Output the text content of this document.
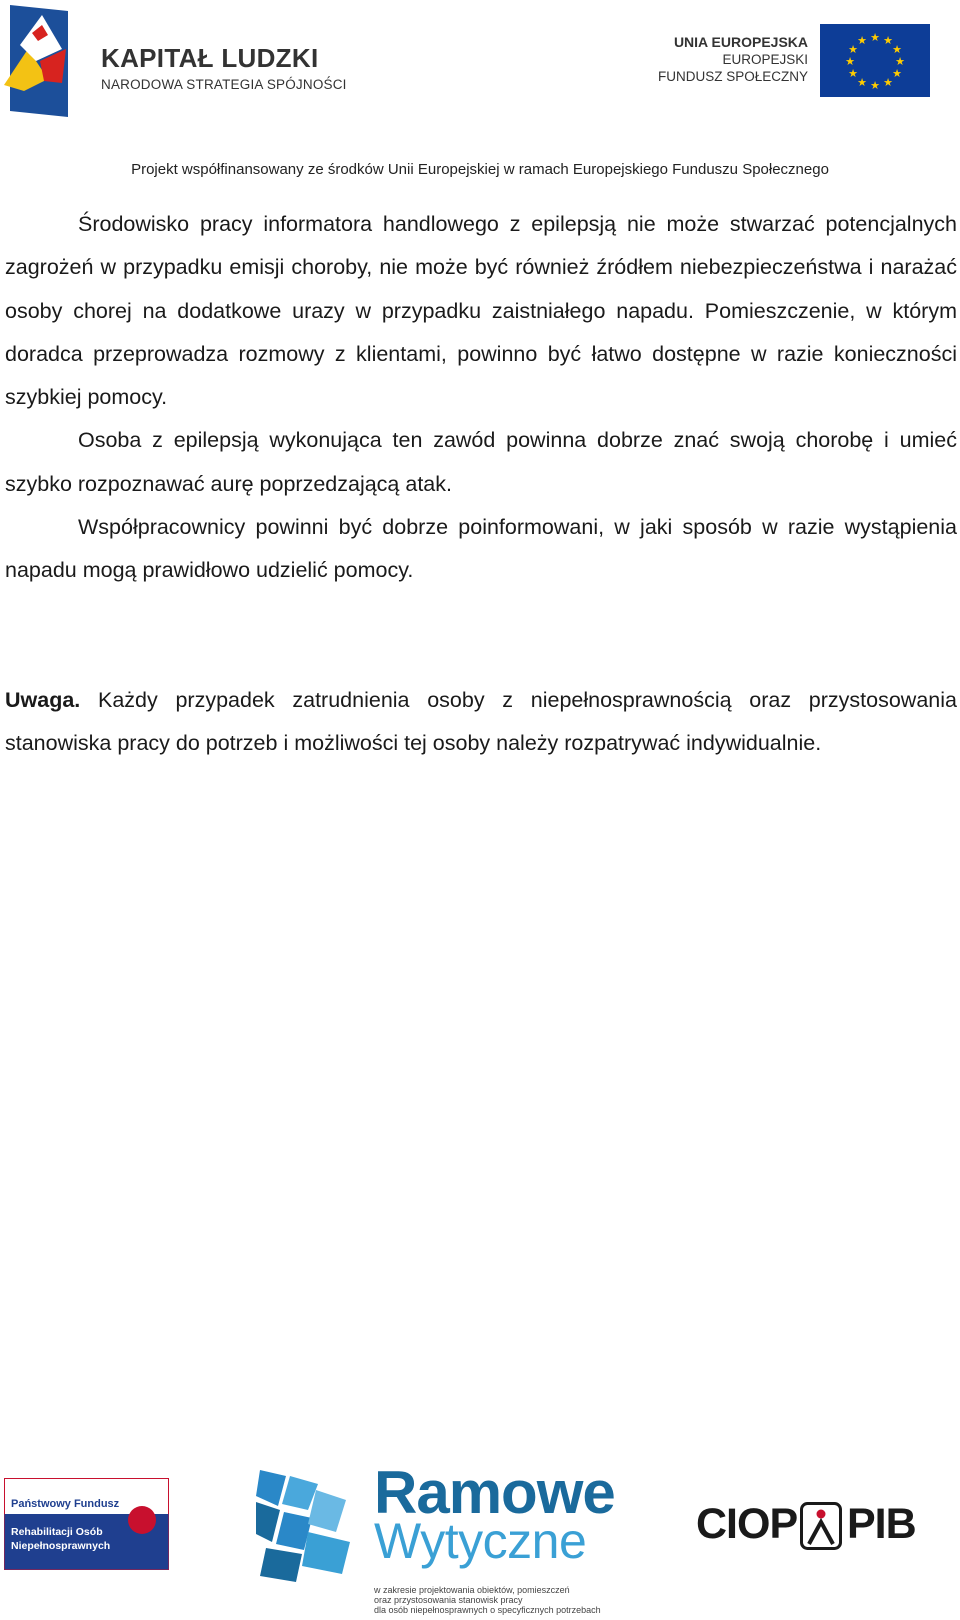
KAPITAŁ LUDZKI
NARODOWA STRATEGIA SPÓJNOŚCI
UNIA EUROPEJSKA
EUROPEJSKI
FUNDUSZ SPOŁECZNY
★ ★
★
★
★
★
★
★
★
★
★
★
Projekt współfinansowany ze środków Unii Europejskiej w ramach Europejskiego Funduszu Społecznego

Środowisko pracy informatora handlowego z epilepsją nie może stwarzać potencjalnych zagrożeń w przypadku emisji choroby, nie może być również źródłem niebezpieczeństwa i narażać osoby chorej na dodatkowe urazy w przypadku zaistniałego napadu. Pomieszczenie, w którym doradca przeprowadza rozmowy z klientami, powinno być łatwo dostępne w razie konieczności szybkiej pomocy.

Osoba z epilepsją wykonująca ten zawód powinna dobrze znać swoją chorobę i umieć szybko rozpoznawać aurę poprzedzającą atak.

Współpracownicy powinni być dobrze poinformowani, w jaki sposób w razie wystąpienia napadu mogą prawidłowo udzielić pomocy.

Uwaga. Każdy przypadek zatrudnienia osoby z niepełnosprawnością oraz przystosowania stanowiska pracy do potrzeb i możliwości tej osoby należy rozpatrywać indywidualnie.

Państwowy Fundusz
Rehabilitacji Osób
Niepełnosprawnych
Ramowe
Wytyczne
w zakresie projektowania obiektów, pomieszczeń
oraz przystosowania stanowisk pracy
dla osób niepełnosprawnych o specyficznych potrzebach
CIOP PIB
